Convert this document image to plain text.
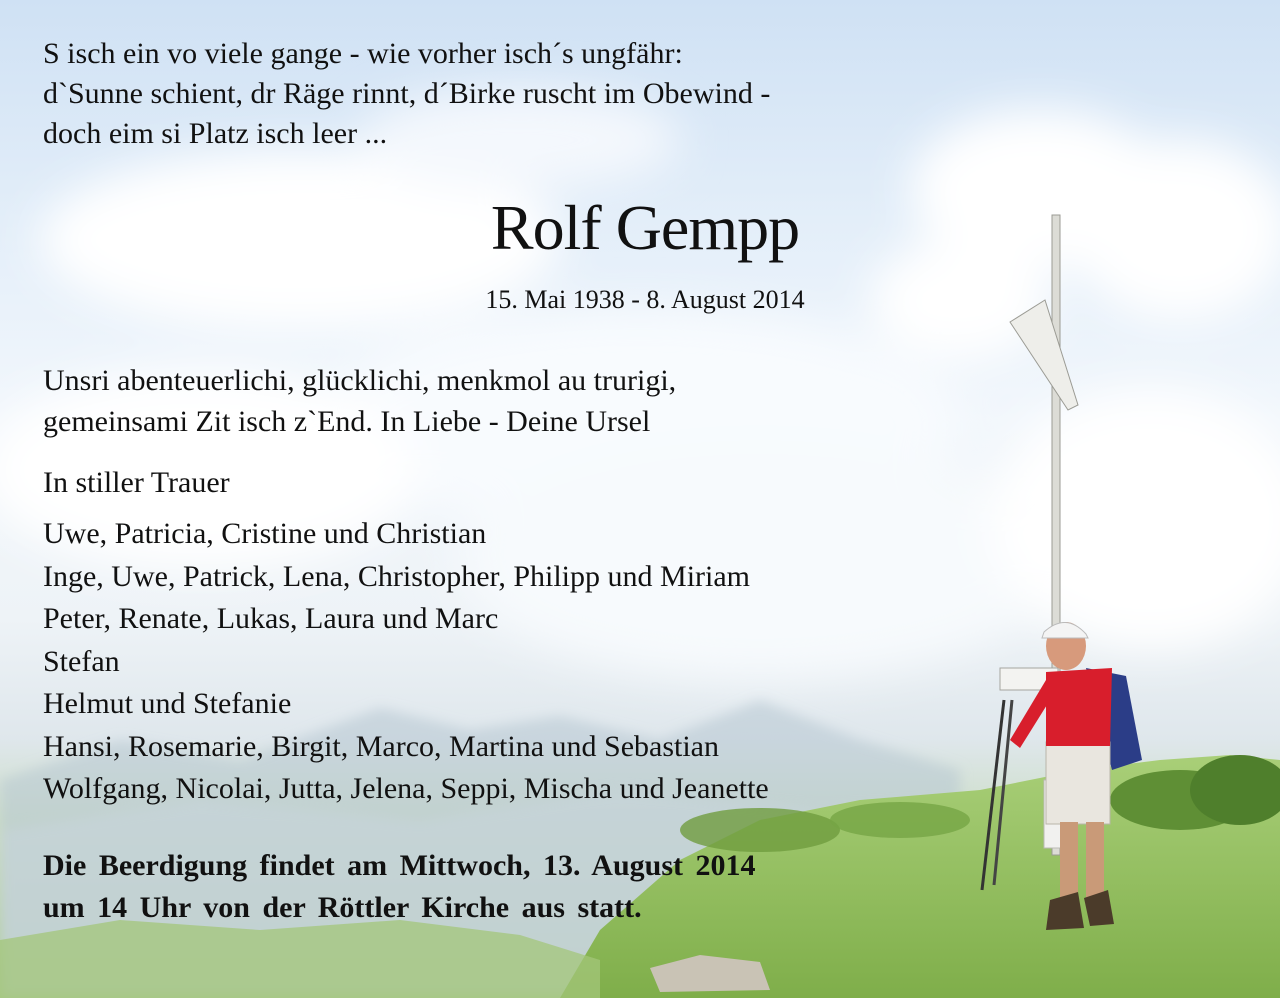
S isch ein vo viele gange - wie vorher isch´s ungfähr:
d`Sunne schient, dr Räge rinnt, d´Birke ruscht im Obewind -
doch eim si Platz isch leer ...
Rolf Gempp
15. Mai 1938 - 8. August 2014
Unsri abenteuerlichi, glücklichi, menkmol au trurigi,
gemeinsami Zit isch z`End. In Liebe - Deine Ursel
In stiller Trauer
Uwe, Patricia, Cristine und Christian
Inge, Uwe, Patrick, Lena, Christopher, Philipp und Miriam
Peter, Renate, Lukas, Laura und Marc
Stefan
Helmut und Stefanie
Hansi, Rosemarie, Birgit, Marco, Martina und Sebastian
Wolfgang, Nicolai, Jutta, Jelena, Seppi, Mischa und Jeanette
Die Beerdigung findet am Mittwoch, 13. August 2014
um 14 Uhr von der Röttler Kirche aus statt.
